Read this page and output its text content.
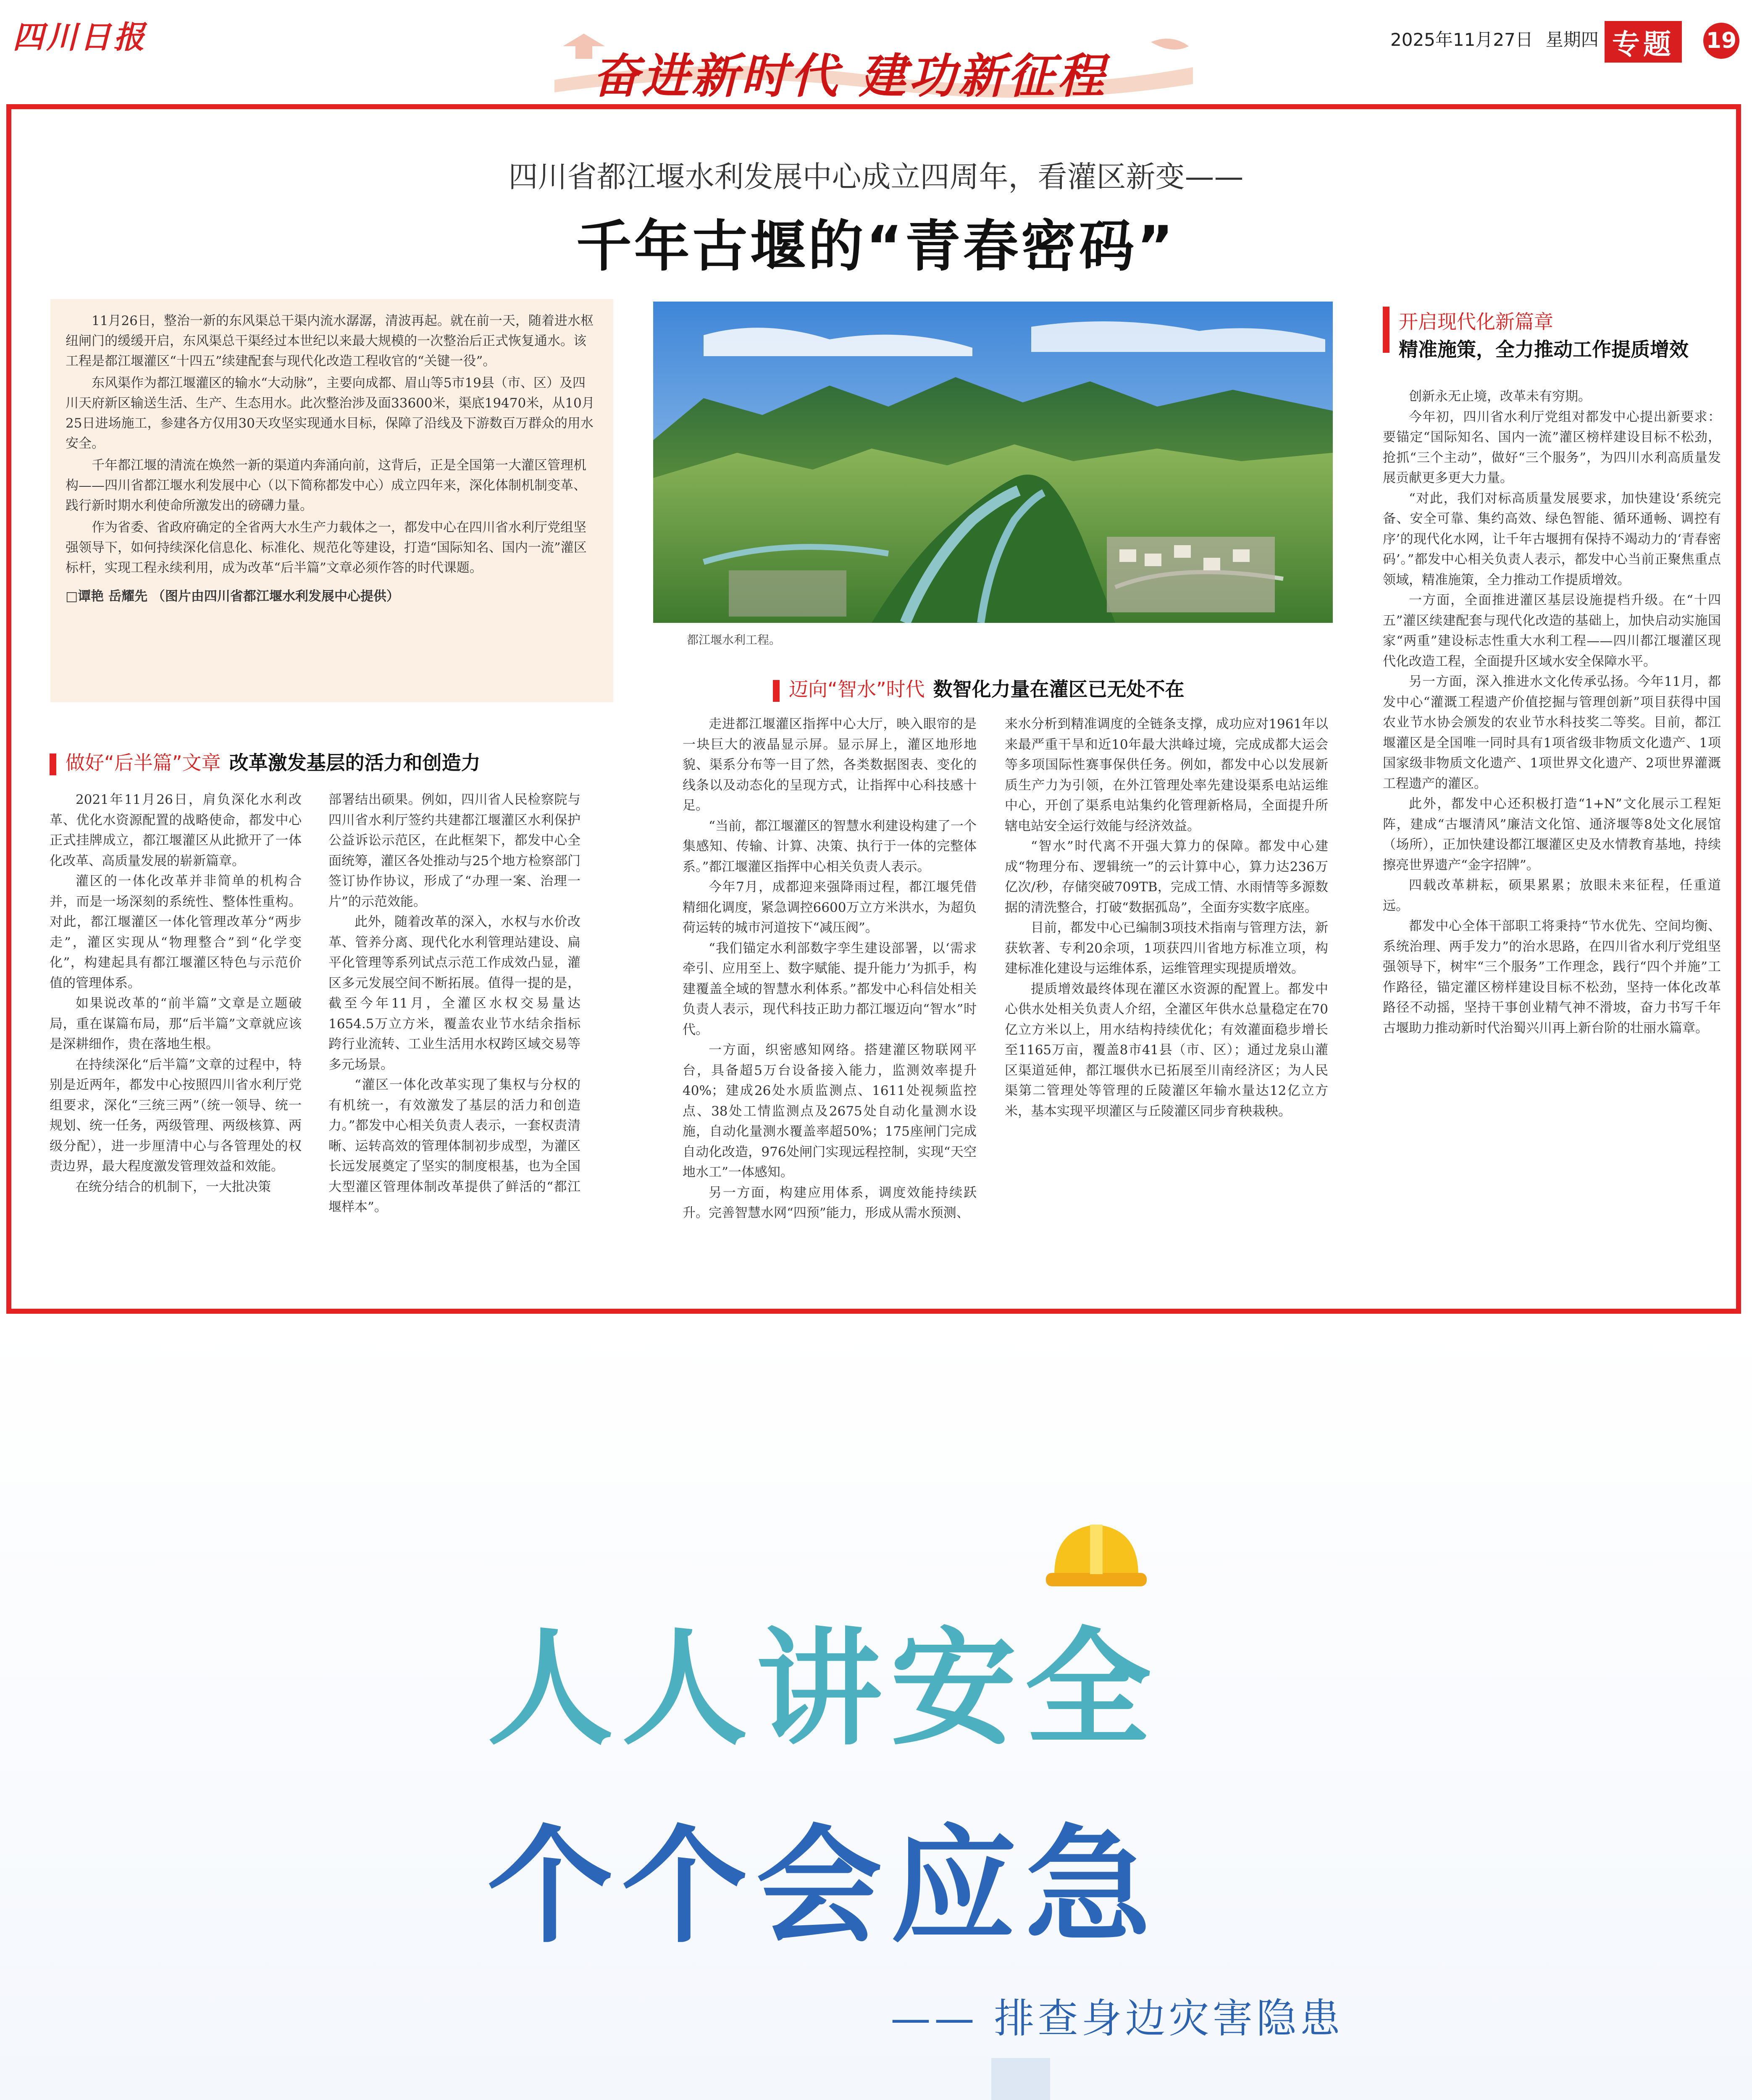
四川日报
奋进新时代 建功新征程
2025年11月27日 星期四 专题	19
四川省都江堰水利发展中心成立四周年，看灌区新变——
千年古堰的“青春密码”

11月26日，整治一新的东风渠总干渠内流水潺潺，清波再起。就在前一天，随着进水枢纽闸门的缓缓开启，东风渠总干渠经过本世纪以来最大规模的一次整治后正式恢复通水。该工程是都江堰灌区“十四五”续建配套与现代化改造工程收官的“关键一役”。

东风渠作为都江堰灌区的输水“大动脉”，主要向成都、眉山等5市19县（市、区）及四川天府新区输送生活、生产、生态用水。此次整治涉及面33600米，渠底19470米，从10月25日进场施工，参建各方仅用30天攻坚实现通水目标，保障了沿线及下游数百万群众的用水安全。

千年都江堰的清流在焕然一新的渠道内奔涌向前，这背后，正是全国第一大灌区管理机构——四川省都江堰水利发展中心（以下简称都发中心）成立四年来，深化体制机制变革、践行新时期水利使命所激发出的磅礴力量。

作为省委、省政府确定的全省两大水生产力载体之一，都发中心在四川省水利厅党组坚强领导下，如何持续深化信息化、标准化、规范化等建设，打造“国际知名、国内一流”灌区标杆，实现工程永续利用，成为改革“后半篇”文章必须作答的时代课题。

□谭艳 岳耀先 （图片由四川省都江堰水利发展中心提供）

都江堰水利工程。
做好“后半篇”文章 改革激发基层的活力和创造力
迈向“智水”时代 数智化力量在灌区已无处不在
开启现代化新篇章
精准施策，全力推动工作提质增效

2021年11月26日，肩负深化水利改革、优化水资源配置的战略使命，都发中心正式挂牌成立，都江堰灌区从此掀开了一体化改革、高质量发展的崭新篇章。

灌区的一体化改革并非简单的机构合并，而是一场深刻的系统性、整体性重构。对此，都江堰灌区一体化管理改革分“两步走”，灌区实现从“物理整合”到“化学变化”，构建起具有都江堰灌区特色与示范价值的管理体系。

如果说改革的“前半篇”文章是立题破局，重在谋篇布局，那“后半篇”文章就应该是深耕细作，贵在落地生根。

在持续深化“后半篇”文章的过程中，特别是近两年，都发中心按照四川省水利厅党组要求，深化“三统三两”（统一领导、统一规划、统一任务，两级管理、两级核算、两级分配），进一步厘清中心与各管理处的权责边界，最大程度激发管理效益和效能。

在统分结合的机制下，一大批决策

部署结出硕果。例如，四川省人民检察院与四川省水利厅签约共建都江堰灌区水利保护公益诉讼示范区，在此框架下，都发中心全面统筹，灌区各处推动与25个地方检察部门签订协作协议，形成了“办理一案、治理一片”的示范效能。

此外，随着改革的深入，水权与水价改革、管养分离、现代化水利管理站建设、扁平化管理等系列试点示范工作成效凸显，灌区多元发展空间不断拓展。值得一提的是，截至今年11月，全灌区水权交易量达1654.5万立方米，覆盖农业节水结余指标跨行业流转、工业生活用水权跨区域交易等多元场景。

“灌区一体化改革实现了集权与分权的有机统一，有效激发了基层的活力和创造力。”都发中心相关负责人表示，一套权责清晰、运转高效的管理体制初步成型，为灌区长远发展奠定了坚实的制度根基，也为全国大型灌区管理体制改革提供了鲜活的“都江堰样本”。

走进都江堰灌区指挥中心大厅，映入眼帘的是一块巨大的液晶显示屏。显示屏上，灌区地形地貌、渠系分布等一目了然，各类数据图表、变化的线条以及动态化的呈现方式，让指挥中心科技感十足。

“当前，都江堰灌区的智慧水利建设构建了一个集感知、传输、计算、决策、执行于一体的完整体系。”都江堰灌区指挥中心相关负责人表示。

今年7月，成都迎来强降雨过程，都江堰凭借精细化调度，紧急调控6600万立方米洪水，为超负荷运转的城市河道按下“减压阀”。

“我们锚定水利部数字孪生建设部署，以‘需求牵引、应用至上、数字赋能、提升能力’为抓手，构建覆盖全域的智慧水利体系。”都发中心科信处相关负责人表示，现代科技正助力都江堰迈向“智水”时代。

一方面，织密感知网络。搭建灌区物联网平台，具备超5万台设备接入能力，监测效率提升40%；建成26处水质监测点、1611处视频监控点、38处工情监测点及2675处自动化量测水设施，自动化量测水覆盖率超50%；175座闸门完成自动化改造，976处闸门实现远程控制，实现“天空地水工”一体感知。

另一方面，构建应用体系，调度效能持续跃升。完善智慧水网“四预”能力，形成从需水预测、

来水分析到精准调度的全链条支撑，成功应对1961年以来最严重干旱和近10年最大洪峰过境，完成成都大运会等多项国际性赛事保供任务。例如，都发中心以发展新质生产力为引领，在外江管理处率先建设渠系电站运维中心，开创了渠系电站集约化管理新格局，全面提升所辖电站安全运行效能与经济效益。

“智水”时代离不开强大算力的保障。都发中心建成“物理分布、逻辑统一”的云计算中心，算力达236万亿次/秒，存储突破709TB，完成工情、水雨情等多源数据的清洗整合，打破“数据孤岛”，全面夯实数字底座。

目前，都发中心已编制3项技术指南与管理方法，新获软著、专利20余项，1项获四川省地方标准立项，构建标准化建设与运维体系，运维管理实现提质增效。

提质增效最终体现在灌区水资源的配置上。都发中心供水处相关负责人介绍，全灌区年供水总量稳定在70亿立方米以上，用水结构持续优化；有效灌面稳步增长至1165万亩，覆盖8市41县（市、区）；通过龙泉山灌区渠道延伸，都江堰供水已拓展至川南经济区；为人民渠第二管理处等管理的丘陵灌区年输水量达12亿立方米，基本实现平坝灌区与丘陵灌区同步育秧栽秧。

创新永无止境，改革未有穷期。

今年初，四川省水利厅党组对都发中心提出新要求：要锚定“国际知名、国内一流”灌区榜样建设目标不松劲，抢抓“三个主动”，做好“三个服务”，为四川水利高质量发展贡献更多更大力量。

“对此，我们对标高质量发展要求，加快建设‘系统完备、安全可靠、集约高效、绿色智能、循环通畅、调控有序’的现代化水网，让千年古堰拥有保持不竭动力的‘青春密码’。”都发中心相关负责人表示，都发中心当前正聚焦重点领域，精准施策，全力推动工作提质增效。

一方面，全面推进灌区基层设施提档升级。在“十四五”灌区续建配套与现代化改造的基础上，加快启动实施国家“两重”建设标志性重大水利工程——四川都江堰灌区现代化改造工程，全面提升区域水安全保障水平。

另一方面，深入推进水文化传承弘扬。今年11月，都发中心“灌溉工程遗产价值挖掘与管理创新”项目获得中国农业节水协会颁发的农业节水科技奖二等奖。目前，都江堰灌区是全国唯一同时具有1项省级非物质文化遗产、1项国家级非物质文化遗产、1项世界文化遗产、2项世界灌溉工程遗产的灌区。

此外，都发中心还积极打造“1+N”文化展示工程矩阵，建成“古堰清风”廉洁文化馆、通济堰等8处文化展馆（场所），正加快建设都江堰灌区史及水情教育基地，持续擦亮世界遗产“金字招牌”。

四载改革耕耘，硕果累累；放眼未来征程，任重道远。

都发中心全体干部职工将秉持“节水优先、空间均衡、系统治理、两手发力”的治水思路，在四川省水利厅党组坚强领导下，树牢“三个服务”工作理念，践行“四个并施”工作路径，锚定灌区榜样建设目标不松劲，坚持一体化改革路径不动摇，坚持干事创业精气神不滑坡，奋力书写千年古堰助力推动新时代治蜀兴川再上新台阶的壮丽水篇章。

人人讲安全
个个会应急
—— 排查身边灾害隐患
